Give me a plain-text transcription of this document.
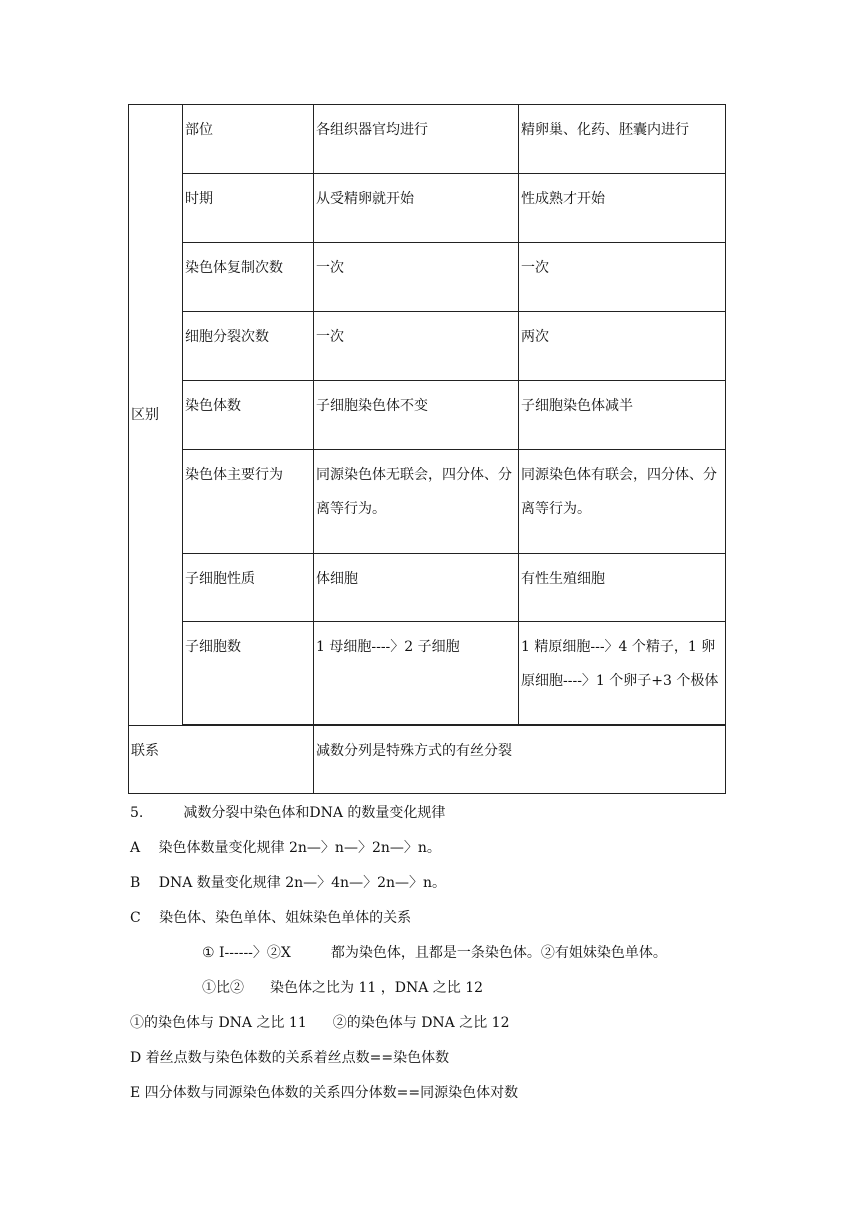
区别	部位	各组织器官均进行	精卵巢、化药、胚囊内进行

	时期	从受精卵就开始	性成熟才开始

	染色体复制次数	一次	一次

	细胞分裂次数	一次	两次

	染色体数	子细胞染色体不变	子细胞染色体减半

	染色体主要行为	同源染色体无联会，四分体、分离等行为。	同源染色体有联会，四分体、分离等行为。

	子细胞性质	体细胞	有性生殖细胞

	子细胞数	1 母细胞----〉2 子细胞	1 精原细胞---〉4 个精子，1 卵原细胞----〉1 个卵子+3 个极体

联系		减数分列是特殊方式的有丝分裂	
5.	减数分裂中染色体和DNA 的数量变化规律
A　 染色体数量变化规律 2n—〉n—〉2n—〉n。
B　 DNA 数量变化规律 2n—〉4n—〉2n—〉n。
C　 染色体、染色单体、姐妹染色单体的关系
① I------〉②X	都为染色体，且都是一条染色体。②有姐妹染色单体。
①比② 染色体之比为 11 ，DNA 之比 12
①的染色体与 DNA 之比 11 ②的染色体与 DNA 之比 12
D 着丝点数与染色体数的关系着丝点数==染色体数
E 四分体数与同源染色体数的关系四分体数==同源染色体对数
